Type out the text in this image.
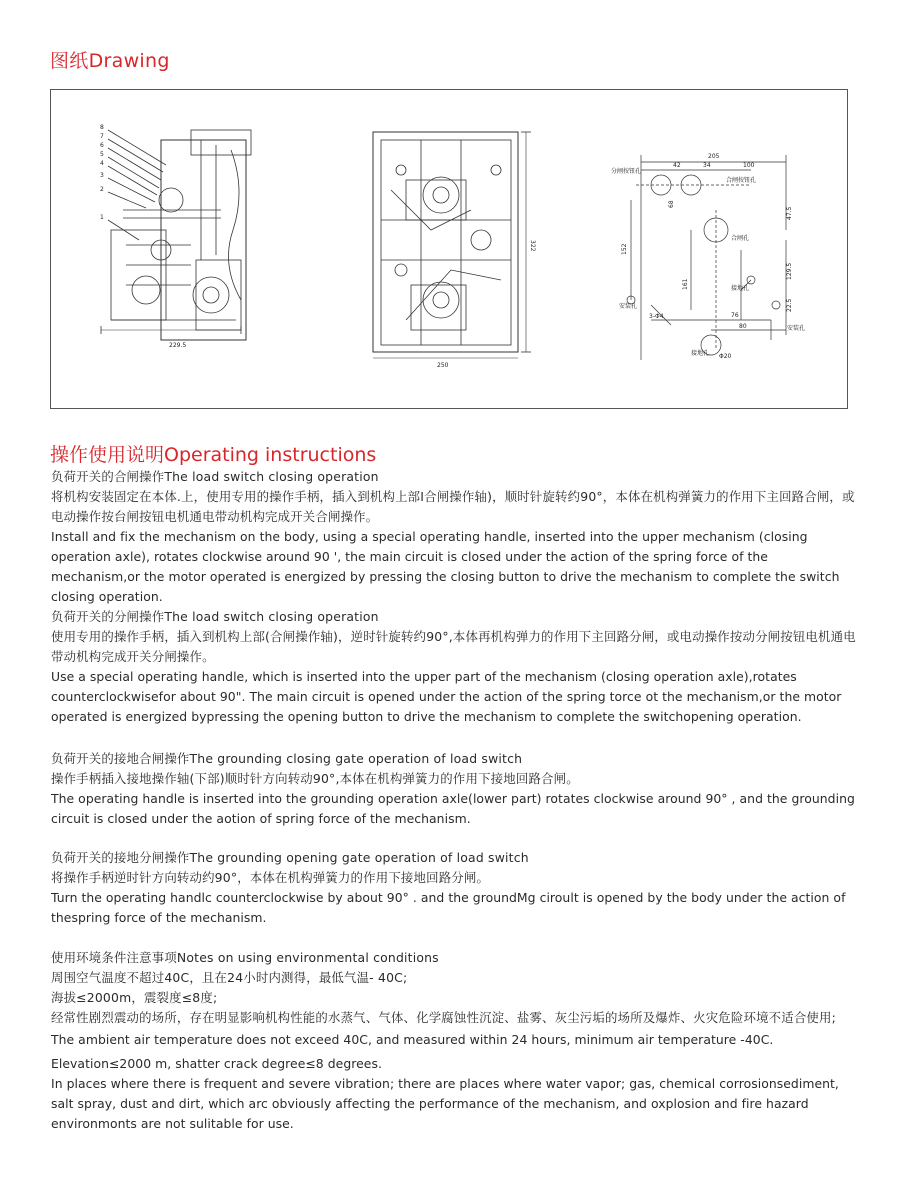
图纸Drawing
8
7
6
5
4
3
2
1
229.5
322
250
205
42	34	100
分闸按钮孔
合闸按钮孔
合闸孔
47.5
152
161
129.5
22.5
68
76
80
3-Φ4
接地孔
接地孔
安装孔
安装孔
Φ20
操作使用说明Operating instructions

负荷开关的合闸操作The load switch closing operation

将机构安装固定在本体.上，使用专用的操作手柄，插入到机构上部I合闸操作轴)，顺时针旋转约90°，本体在机构弹簧力的作用下主回路合闸，或电动操作按台闸按钮电机通电带动机构完成开关合闸操作。

Install and fix the mechanism on the body, using a special operating handle, inserted into the upper mechanism (closing operation axle), rotates clockwise around 90 ', the main circuit is closed under the action of the spring force of the mechanism,or the motor operated is energized by pressing the closing button to drive the mechanism to complete the switch closing operation.

负荷开关的分闸操作The load switch closing operation

使用专用的操作手柄，插入到机构上部(合闸操作轴)，逆时针旋转约90°,本体再机构弹力的作用下主回路分闸，或电动操作按动分闸按钮电机通电带动机构完成开关分闸操作。

Use a special operating handle, which is inserted into the upper part of the mechanism (closing operation axle),rotates counterclockwisefor about 90". The main circuit is opened under the action of the spring torce ot the mechanism,or the motor operated is energized bypressing the opening button to drive the mechanism to complete the switchopening operation.

负荷开关的接地合闸操作The grounding closing gate operation of load switch

操作手柄插入接地操作轴(下部)顺时针方向转动90°,本体在机构弹簧力的作用下接地回路合闸。

The operating handle is inserted into the grounding operation axle(lower part) rotates clockwise around 90° , and the grounding circuit is closed under the aotion of spring force of the mechanism.

负荷开关的接地分闸操作The grounding opening gate operation of load switch

将操作手柄逆时针方向转动约90°，本体在机构弹簧力的作用下接地回路分闸。

Turn the operating handlc counterclockwise by about 90° . and the groundMg ciroult is opened by the body under the action of thespring force of the mechanism.

使用环境条件注意事项Notes on using environmental conditions

周围空气温度不超过40C，且在24小时内测得，最低气温- 40C;

海拔≤2000m，震裂度≤8度;

经常性剧烈震动的场所，存在明显影响机构性能的水蒸气、气体、化学腐蚀性沉淀、盐雾、灰尘污垢的场所及爆炸、火灾危险环境不适合使用;

The ambient air temperature does not exceed 40C, and measured within 24 hours, minimum air temperature -40C.

Elevation≤2000 m, shatter crack degree≤8 degrees.

In places where there is frequent and severe vibration; there are places where water vapor; gas, chemical corrosionsediment, salt spray, dust and dirt, which arc obviously affecting the performance of the mechanism, and oxplosion and fire hazard environmonts are not sulitable for use.
